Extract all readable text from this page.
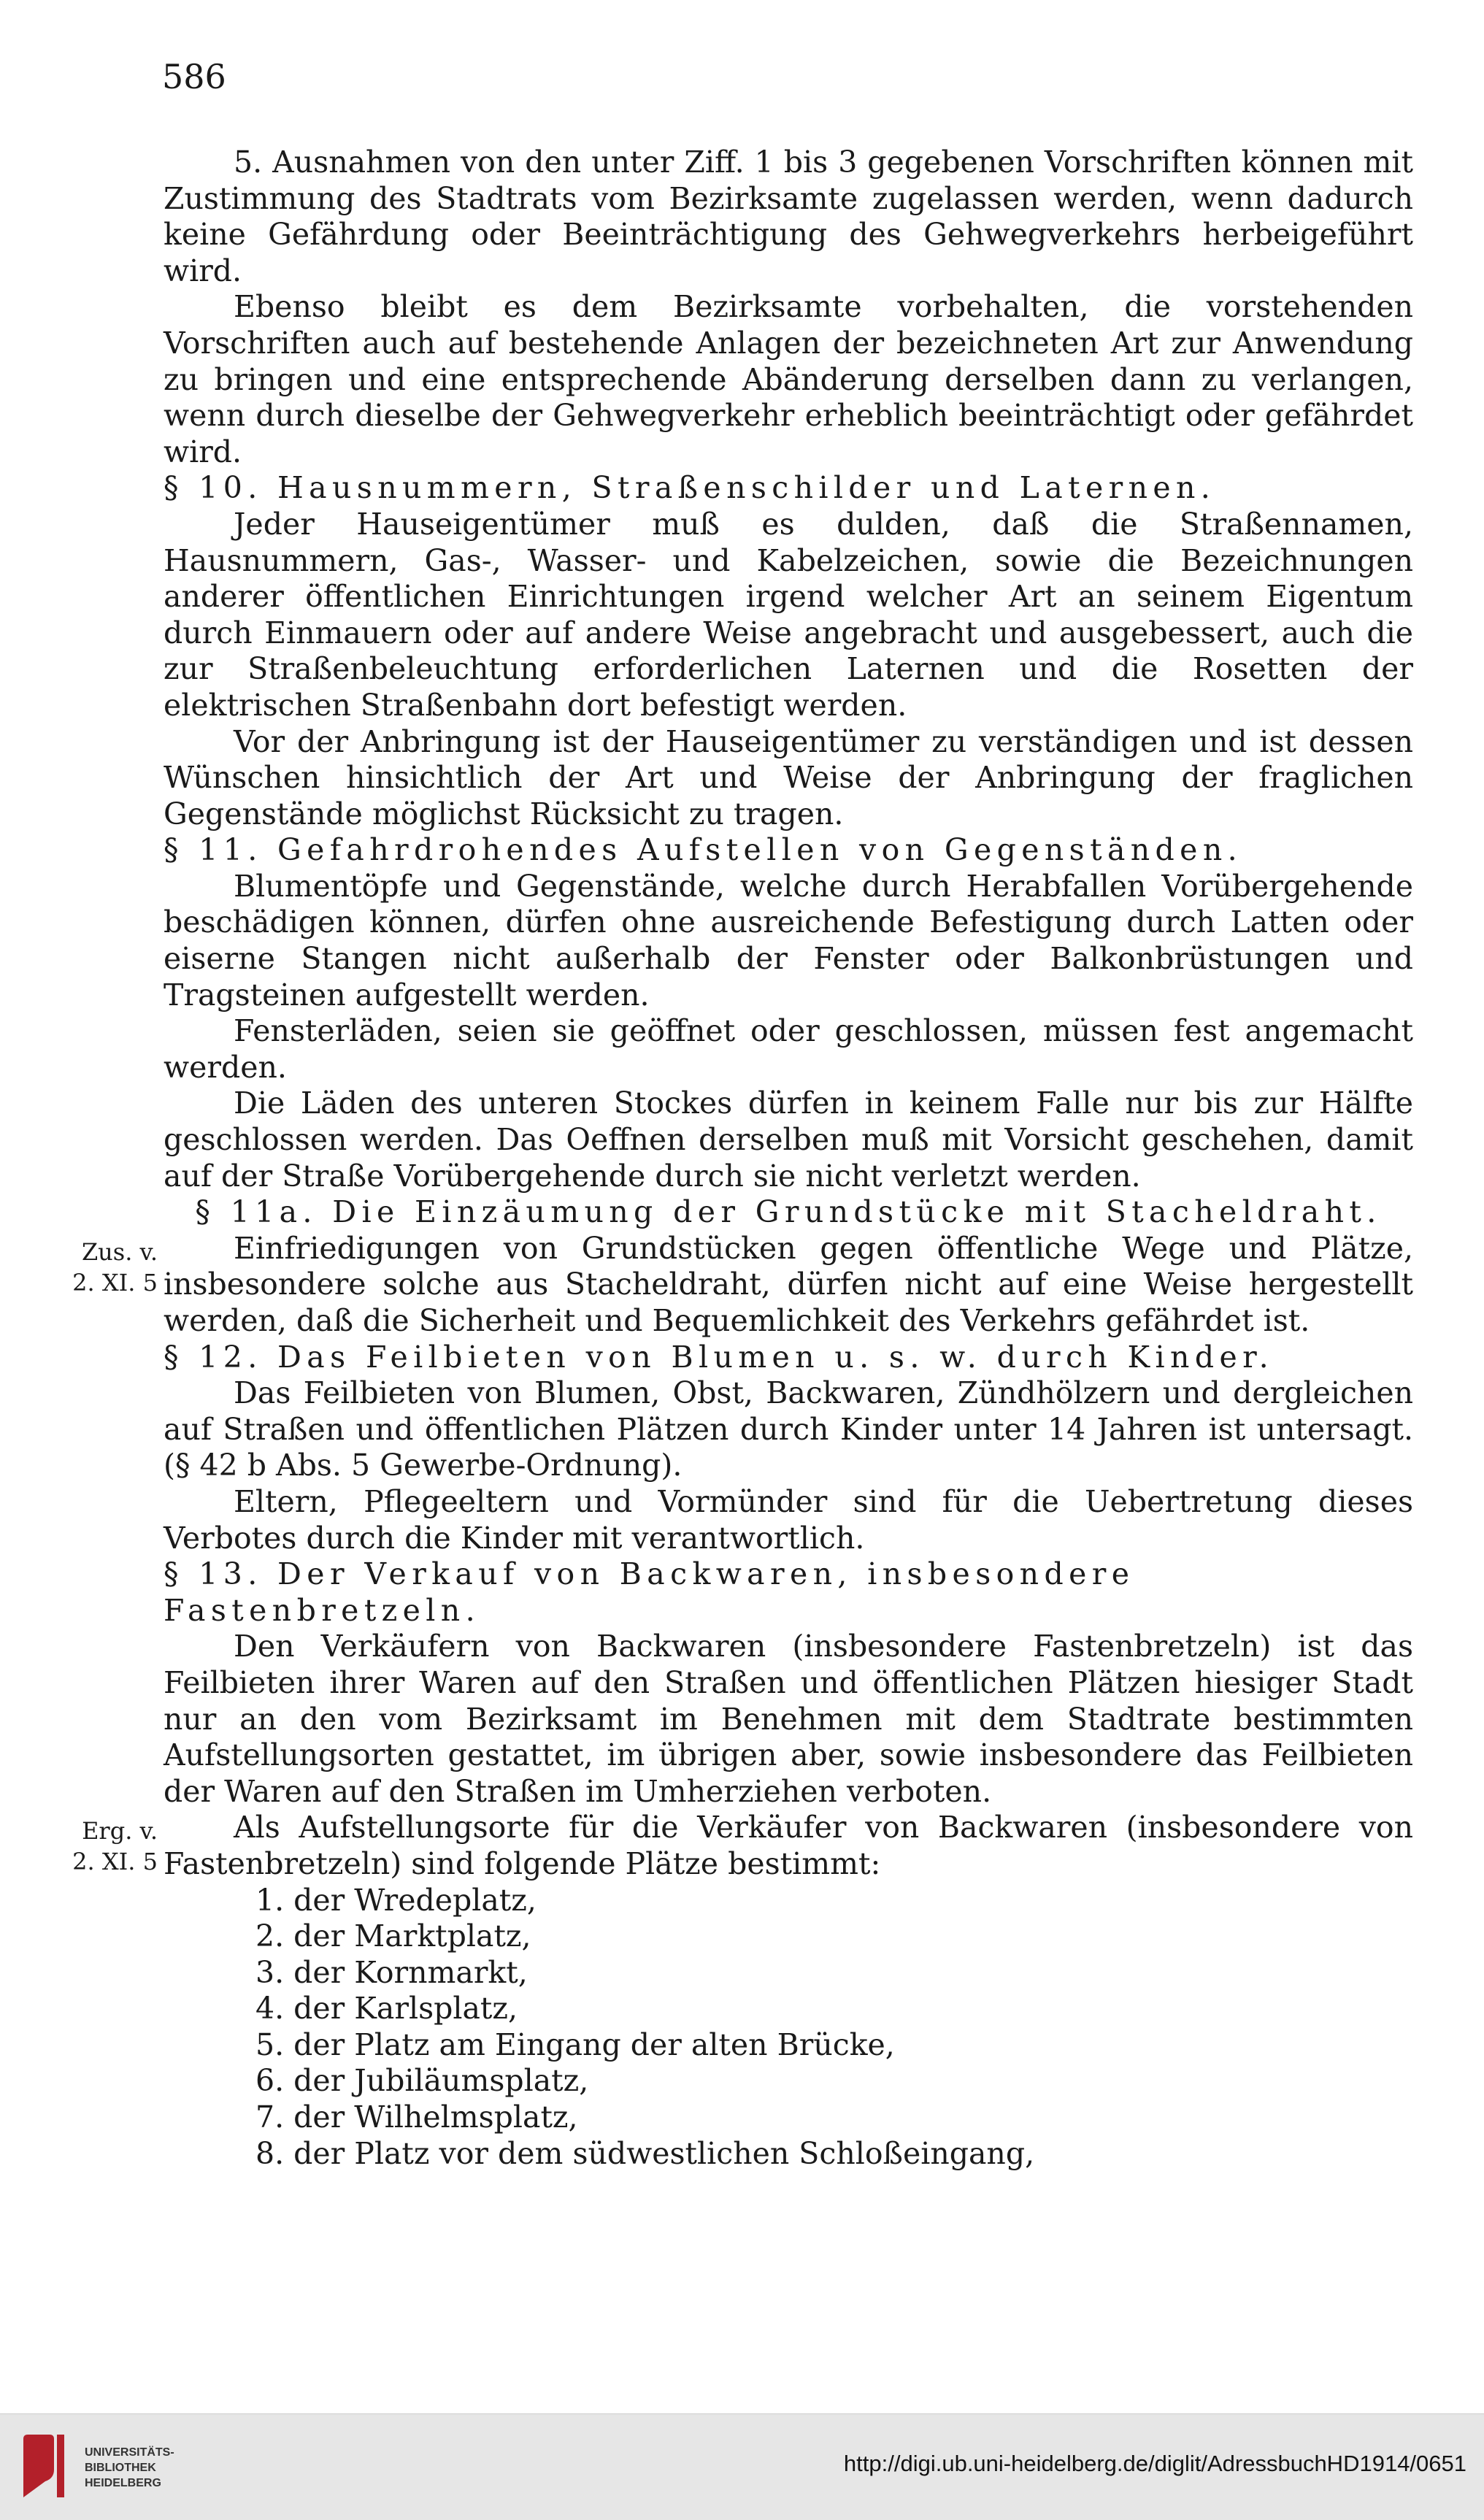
586

5. Ausnahmen von den unter Ziff. 1 bis 3 gegebenen Vorschriften können mit Zustimmung des Stadtrats vom Bezirksamte zugelassen werden, wenn dadurch keine Gefährdung oder Beeinträchtigung des Gehwegverkehrs herbeigeführt wird.

Ebenso bleibt es dem Bezirksamte vorbehalten, die vorstehenden Vorschriften auch auf bestehende Anlagen der bezeichneten Art zur Anwendung zu bringen und eine entsprechende Abänderung derselben dann zu verlangen, wenn durch dieselbe der Gehwegverkehr erheblich beeinträchtigt oder gefährdet wird.

§ 10. Hausnummern, Straßenschilder und Laternen.

Jeder Hauseigentümer muß es dulden, daß die Straßennamen, Hausnummern, Gas-, Wasser- und Kabelzeichen, sowie die Bezeichnungen anderer öffentlichen Einrichtungen irgend welcher Art an seinem Eigentum durch Einmauern oder auf andere Weise angebracht und ausgebessert, auch die zur Straßenbeleuchtung erforderlichen Laternen und die Rosetten der elektrischen Straßenbahn dort befestigt werden.

Vor der Anbringung ist der Hauseigentümer zu verständigen und ist dessen Wünschen hinsichtlich der Art und Weise der Anbringung der fraglichen Gegenstände möglichst Rücksicht zu tragen.

§ 11. Gefahrdrohendes Aufstellen von Gegenständen.

Blumentöpfe und Gegenstände, welche durch Herabfallen Vorübergehende beschädigen können, dürfen ohne ausreichende Befestigung durch Latten oder eiserne Stangen nicht außerhalb der Fenster oder Balkonbrüstungen und Tragsteinen aufgestellt werden.

Fensterläden, seien sie geöffnet oder geschlossen, müssen fest angemacht werden.

Die Läden des unteren Stockes dürfen in keinem Falle nur bis zur Hälfte geschlossen werden. Das Oeffnen derselben muß mit Vorsicht geschehen, damit auf der Straße Vorübergehende durch sie nicht verletzt werden.

§ 11a. Die Einzäumung der Grundstücke mit Stacheldraht.

Einfriedigungen von Grundstücken gegen öffentliche Wege und Plätze, insbesondere solche aus Stacheldraht, dürfen nicht auf eine Weise hergestellt werden, daß die Sicherheit und Bequemlichkeit des Verkehrs gefährdet ist.

§ 12. Das Feilbieten von Blumen u. s. w. durch Kinder.

Das Feilbieten von Blumen, Obst, Backwaren, Zündhölzern und dergleichen auf Straßen und öffentlichen Plätzen durch Kinder unter 14 Jahren ist untersagt. (§ 42 b Abs. 5 Gewerbe-Ordnung).

Eltern, Pflegeeltern und Vormünder sind für die Uebertretung dieses Verbotes durch die Kinder mit verantwortlich.

§ 13. Der Verkauf von Backwaren, insbesondere Fastenbretzeln.

Den Verkäufern von Backwaren (insbesondere Fastenbretzeln) ist das Feilbieten ihrer Waren auf den Straßen und öffentlichen Plätzen hiesiger Stadt nur an den vom Bezirksamt im Benehmen mit dem Stadtrate bestimmten Aufstellungsorten gestattet, im übrigen aber, sowie insbesondere das Feilbieten der Waren auf den Straßen im Umherziehen verboten.

Als Aufstellungsorte für die Verkäufer von Backwaren (insbesondere von Fastenbretzeln) sind folgende Plätze bestimmt:

1. der Wredeplatz,
2. der Marktplatz,
3. der Kornmarkt,
4. der Karlsplatz,
5. der Platz am Eingang der alten Brücke,
6. der Jubiläumsplatz,
7. der Wilhelmsplatz,
8. der Platz vor dem südwestlichen Schloßeingang,
Zus. v.
2. XI. 5
Erg. v.
2. XI. 5
UNIVERSITÄTS-
BIBLIOTHEK
HEIDELBERG
http://digi.ub.uni-heidelberg.de/diglit/AdressbuchHD1914/0651
